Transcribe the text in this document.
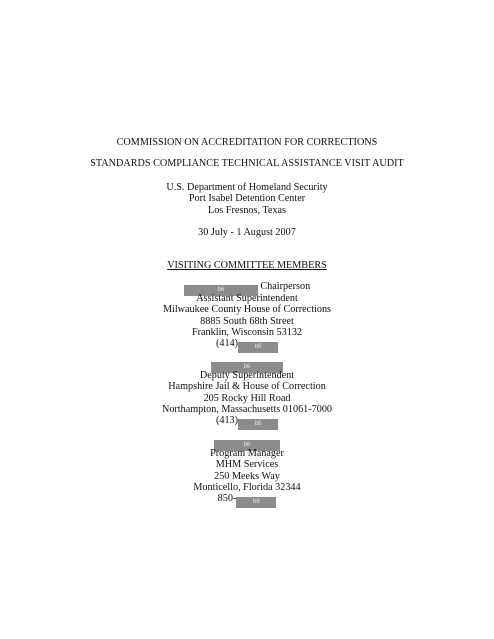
COMMISSION ON ACCREDITATION FOR CORRECTIONS
STANDARDS COMPLIANCE TECHNICAL ASSISTANCE VISIT AUDIT
U.S. Department of Homeland Security
Port Isabel Detention Center
Los Fresnos, Texas
30 July - 1 August 2007
VISITING COMMITTEE MEMBERS
b6	Chairperson
Assistant Superintendent
Milwaukee County House of Corrections
8885 South 68th Street
Franklin, Wisconsin 53132
(414)	b6
b6
Deputy Superintendent
Hampshire Jail & House of Correction
205 Rocky Hill Road
Northampton, Massachusetts 01061-7000
(413)	b6
b6
Program Manager
MHM Services
250 Meeks Way
Monticello, Florida 32344
850-	b6
